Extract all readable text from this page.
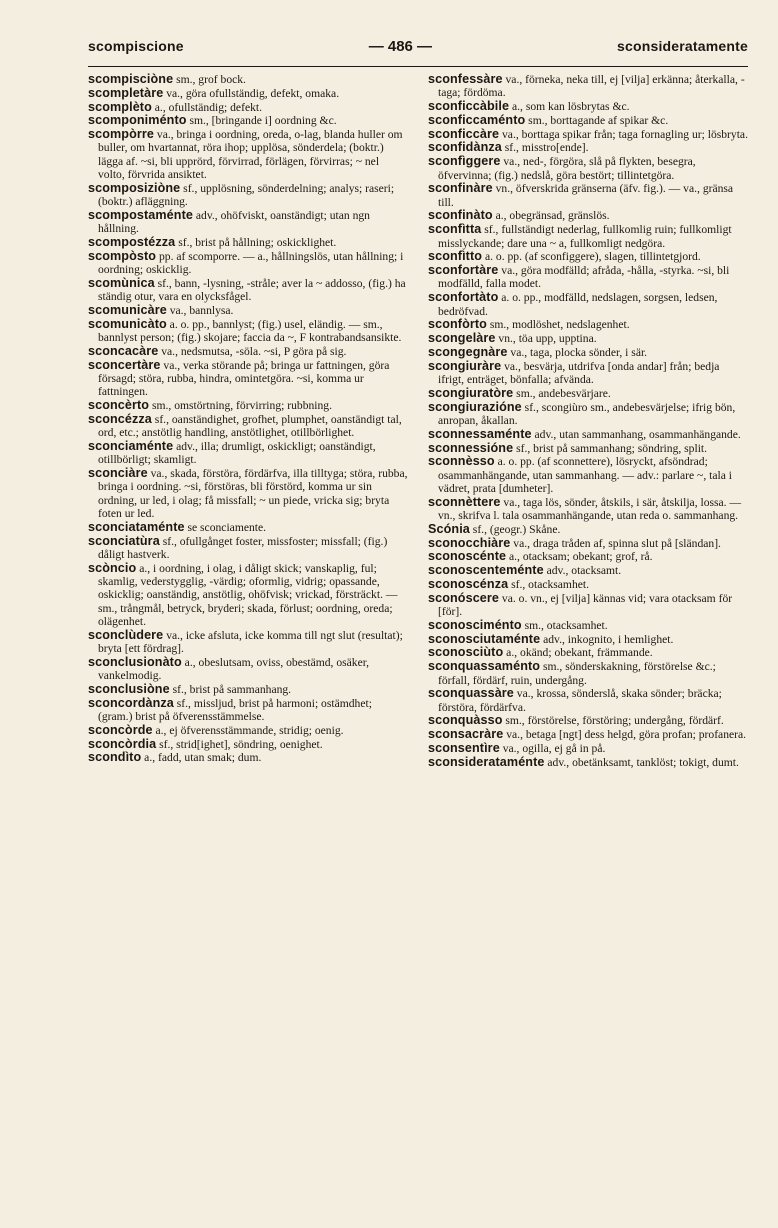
scompiscione	— 486 —	sconsideratamente

scompisciòne sm., grof bock.

scompletàre va., göra ofullständig, defekt, omaka.

scomplèto a., ofullständig; defekt.

scomponiménto sm., [bringande i] oordning &c.

scompòrre va., bringa i oordning, oreda, o-lag, blanda huller om buller, om hvartannat, röra ihop; upplösa, sönderdela; (boktr.) lägga af. ~si, bli upprörd, förvirrad, förlägen, förvirras; ~ nel volto, förvrida ansiktet.

scomposiziòne sf., upplösning, sönderdelning; analys; raseri; (boktr.) afläggning.

scompostaménte adv., ohöfviskt, oanständigt; utan ngn hållning.

scompostézza sf., brist på hållning; oskicklighet.

scompòsto pp. af scomporre. — a., hållningslös, utan hållning; i oordning; oskicklig.

scomùnica sf., bann, -lysning, -stråle; aver la ~ addosso, (fig.) ha ständig otur, vara en olycksfågel.

scomunicàre va., bannlysa.

scomunicàto a. o. pp., bannlyst; (fig.) usel, eländig. — sm., bannlyst person; (fig.) skojare; faccia da ~, F kontrabandsansikte.

sconcacàre va., nedsmutsa, -söla. ~si, P göra på sig.

sconcertàre va., verka störande på; bringa ur fattningen, göra försagd; störa, rubba, hindra, omintetgöra. ~si, komma ur fattningen.

sconcèrto sm., omstörtning, förvirring; rubbning.

sconcézza sf., oanständighet, grofhet, plumphet, oanständigt tal, ord, etc.; anstötlig handling, anstötlighet, otillbörlighet.

sconciaménte adv., illa; drumligt, oskickligt; oanständigt, otillbörligt; skamligt.

sconciàre va., skada, förstöra, fördärfva, illa tilltyga; störa, rubba, bringa i oordning. ~si, förstöras, bli förstörd, komma ur sin ordning, ur led, i olag; få missfall; ~ un piede, vricka sig; bryta foten ur led.

sconciataménte se sconciamente.

sconciatùra sf., ofullgånget foster, missfoster; missfall; (fig.) dåligt hastverk.

scòncio a., i oordning, i olag, i dåligt skick; vanskaplig, ful; skamlig, vederstygglig, -värdig; oformlig, vidrig; opassande, oskicklig; oanständig, anstötlig, ohöfvisk; vrickad, försträckt. — sm., trångmål, betryck, bryderi; skada, förlust; oordning, oreda; olägenhet.

sconclùdere va., icke afsluta, icke komma till ngt slut (resultat); bryta [ett fördrag].

sconclusionàto a., obeslutsam, oviss, obestämd, osäker, vankelmodig.

sconclusiòne sf., brist på sammanhang.

sconcordànza sf., missljud, brist på harmoni; ostämdhet; (gram.) brist på öfverensstämmelse.

sconcòrde a., ej öfverensstämmande, stridig; oenig.

sconcòrdia sf., strid[ighet], söndring, oenighet.

scondìto a., fadd, utan smak; dum.

sconfessàre va., förneka, neka till, ej [vilja] erkänna; återkalla, -taga; fördöma.

sconficcàbile a., som kan lösbrytas &c.

sconficcaménto sm., borttagande af spikar &c.

sconficcàre va., borttaga spikar från; taga fornagling ur; lösbryta.

sconfidànza sf., misstro[ende].

sconfìggere va., ned-, förgöra, slå på flykten, besegra, öfvervinna; (fig.) nedslå, göra bestört; tillintetgöra.

sconfinàre vn., öfverskrida gränserna (äfv. fig.). — va., gränsa till.

sconfinàto a., obegränsad, gränslös.

sconfìtta sf., fullständigt nederlag, fullkomlig ruin; fullkomligt misslyckande; dare una ~ a, fullkomligt nedgöra.

sconfìtto a. o. pp. (af sconfiggere), slagen, tillintetgjord.

sconfortàre va., göra modfälld; afråda, -hålla, -styrka. ~si, bli modfälld, falla modet.

sconfortàto a. o. pp., modfälld, nedslagen, sorgsen, ledsen, bedröfvad.

sconfòrto sm., modlöshet, nedslagenhet.

scongelàre vn., töa upp, upptina.

scongegnàre va., taga, plocka sönder, i sär.

scongiuràre va., besvärja, utdrifva [onda andar] från; bedja ifrigt, enträget, bönfalla; afvända.

scongiuratòre sm., andebesvärjare.

scongiurazióne sf., scongiùro sm., andebesvärjelse; ifrig bön, anropan, åkallan.

sconnessaménte adv., utan sammanhang, osammanhängande.

sconnessióne sf., brist på sammanhang; söndring, split.

sconnèsso a. o. pp. (af sconnettere), lösryckt, afsöndrad; osammanhängande, utan sammanhang. — adv.: parlare ~, tala i vädret, prata [dumheter].

sconnèttere va., taga lös, sönder, åtskils, i sär, åtskilja, lossa. — vn., skrifva l. tala osammanhängande, utan reda o. sammanhang.

Scónia sf., (geogr.) Skåne.

sconocchiàre va., draga tråden af, spinna slut på [sländan].

sconoscénte a., otacksam; obekant; grof, rå.

sconoscenteménte adv., otacksamt.

sconoscénza sf., otacksamhet.

sconóscere va. o. vn., ej [vilja] kännas vid; vara otacksam för [för].

sconosciménto sm., otacksamhet.

sconosciutaménte adv., inkognito, i hemlighet.

sconosciùto a., okänd; obekant, främmande.

sconquassaménto sm., sönderskakning, förstörelse &c.; förfall, fördärf, ruin, undergång.

sconquassàre va., krossa, sönderslå, skaka sönder; bräcka; förstöra, fördärfva.

sconquàsso sm., förstörelse, förstöring; undergång, fördärf.

sconsacràre va., betaga [ngt] dess helgd, göra profan; profanera.

sconsentìre va., ogilla, ej gå in på.

sconsiderataménte adv., obetänksamt, tanklöst; tokigt, dumt.
